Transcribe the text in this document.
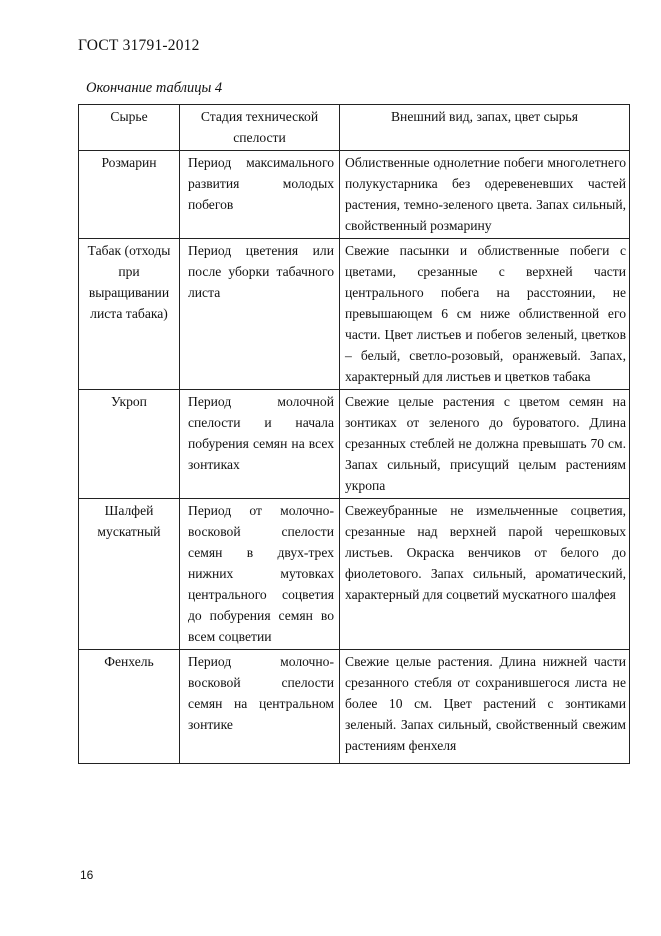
ГОСТ 31791-2012
Окончание таблицы 4
Сырье	Стадия технической спелости	Внешний вид, запах, цвет сырья
Розмарин	Период максимального развития молодых побегов	Облиственные однолетние побеги многолетнего полукустарника без одеревеневших частей растения, темно-зеленого цвета. Запах сильный, свойственный розмарину
Табак (отходы при выращивании листа табака)	Период цветения или после уборки табачного листа	Свежие пасынки и облиственные побеги с цветами, срезанные с верхней части центрального побега на расстоянии, не превышающем 6 см ниже облиственной его части. Цвет листьев и побегов зеленый, цветков – белый, светло-розовый, оранжевый. Запах, характерный для листьев и цветков табака
Укроп	Период молочной спелости и начала побурения семян на всех зонтиках	Свежие целые растения с цветом семян на зонтиках от зеленого до буроватого. Длина срезанных стеблей не должна превышать 70 см. Запах сильный, присущий целым растениям укропа
Шалфей мускатный	Период от молочно- восковой спелости семян в двух-трех нижних мутовках центрального соцветия до побурения семян во всем соцветии	Свежеубранные не измельченные соцветия, срезанные над верхней парой черешковых листьев. Окраска венчиков от белого до фиолетового. Запах сильный, ароматический, характерный для соцветий мускатного шалфея
Фенхель	Период молочно-восковой спелости семян на центральном зонтике	Свежие целые растения. Длина нижней части срезанного стебля от сохранившегося листа не более 10 см. Цвет растений с зонтиками зеленый. Запах сильный, свойственный свежим растениям фенхеля
16
